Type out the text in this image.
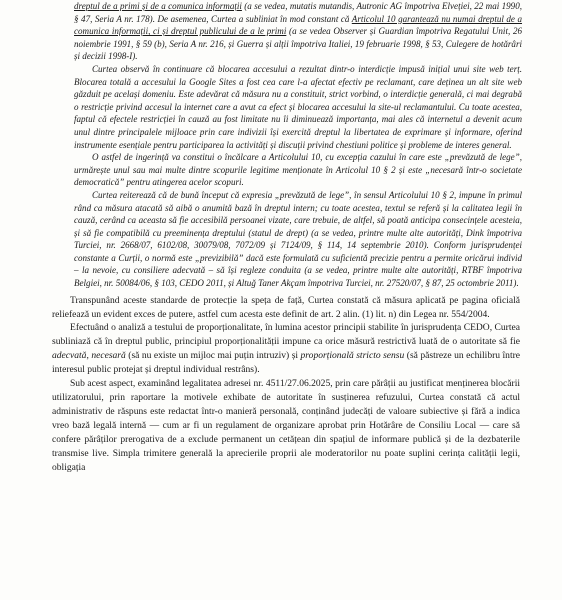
dreptul de a primi și de a comunica informații (a se vedea, mutatis mutandis, Autronic AG împotriva Elveției, 22 mai 1990, § 47, Seria A nr. 178). De asemenea, Curtea a subliniat în mod constant că Articolul 10 garantează nu numai dreptul de a comunica informații, ci și dreptul publicului de a le primi (a se vedea Observer și Guardian împotriva Regatului Unit, 26 noiembrie 1991, § 59 (b), Seria A nr. 216, și Guerra și alții împotriva Italiei, 19 februarie 1998, § 53, Culegere de hotărâri și decizii 1998-I).

Curtea observă în continuare că blocarea accesului a rezultat dintr-o interdicție impusă inițial unui site web terț. Blocarea totală a accesului la Google Sites a fost cea care l-a afectat efectiv pe reclamant, care deținea un alt site web găzduit pe același domeniu. Este adevărat că măsura nu a constituit, strict vorbind, o interdicție generală, ci mai degrabă o restricție privind accesul la internet care a avut ca efect și blocarea accesului la site-ul reclamantului. Cu toate acestea, faptul că efectele restricției în cauză au fost limitate nu îi diminuează importanța, mai ales că internetul a devenit acum unul dintre principalele mijloace prin care indivizii își exercită dreptul la libertatea de exprimare și informare, oferind instrumente esențiale pentru participarea la activități și discuții privind chestiuni politice și probleme de interes general.

O astfel de ingerință va constitui o încălcare a Articolului 10, cu excepția cazului în care este „prevăzută de lege”, urmărește unul sau mai multe dintre scopurile legitime menționate în Articolul 10 § 2 și este „necesară într-o societate democratică” pentru atingerea acelor scopuri.

Curtea reiterează că de bună început că expresia „prevăzută de lege”, în sensul Articolului 10 § 2, impune în primul rând ca măsura atacată să aibă o anumită bază în dreptul intern; cu toate acestea, textul se referă și la calitatea legii în cauză, cerând ca aceasta să fie accesibilă persoanei vizate, care trebuie, de altfel, să poată anticipa consecințele acesteia, și să fie compatibilă cu preeminența dreptului (statul de drept) (a se vedea, printre multe alte autorități, Dink împotriva Turciei, nr. 2668/07, 6102/08, 30079/08, 7072/09 și 7124/09, § 114, 14 septembrie 2010). Conform jurisprudenței constante a Curții, o normă este „previzibilă” dacă este formulată cu suficientă precizie pentru a permite oricărui individ – la nevoie, cu consiliere adecvată – să își regleze conduita (a se vedea, printre multe alte autorități, RTBF împotriva Belgiei, nr. 50084/06, § 103, CEDO 2011, și Altuğ Taner Akçam împotriva Turciei, nr. 27520/07, § 87, 25 octombrie 2011).

Transpunând aceste standarde de protecție la speța de față, Curtea constată că măsura aplicată pe pagina oficială reliefează un evident exces de putere, astfel cum acesta este definit de art. 2 alin. (1) lit. n) din Legea nr. 554/2004.

Efectuând o analiză a testului de proporționalitate, în lumina acestor principii stabilite în jurisprudența CEDO, Curtea subliniază că în dreptul public, principiul proporționalității impune ca orice măsură restrictivă luată de o autoritate să fie adecvată, necesară (să nu existe un mijloc mai puțin intruziv) și proporțională stricto sensu (să păstreze un echilibru între interesul public protejat și dreptul individual restrâns).

Sub acest aspect, examinând legalitatea adresei nr. 4511/27.06.2025, prin care părâții au justificat menținerea blocării utilizatorului, prin raportare la motivele exhibate de autoritate în susținerea refuzului, Curtea constată că actul administrativ de răspuns este redactat într-o manieră personală, conținând judecăți de valoare subiective și fără a indica vreo bază legală internă — cum ar fi un regulament de organizare aprobat prin Hotărâre de Consiliu Local — care să confere părâților prerogativa de a exclude permanent un cetățean din spațiul de informare publică și de la dezbaterile transmise live. Simpla trimitere generală la aprecierile proprii ale moderatorilor nu poate suplini cerința calității legii, obligația
